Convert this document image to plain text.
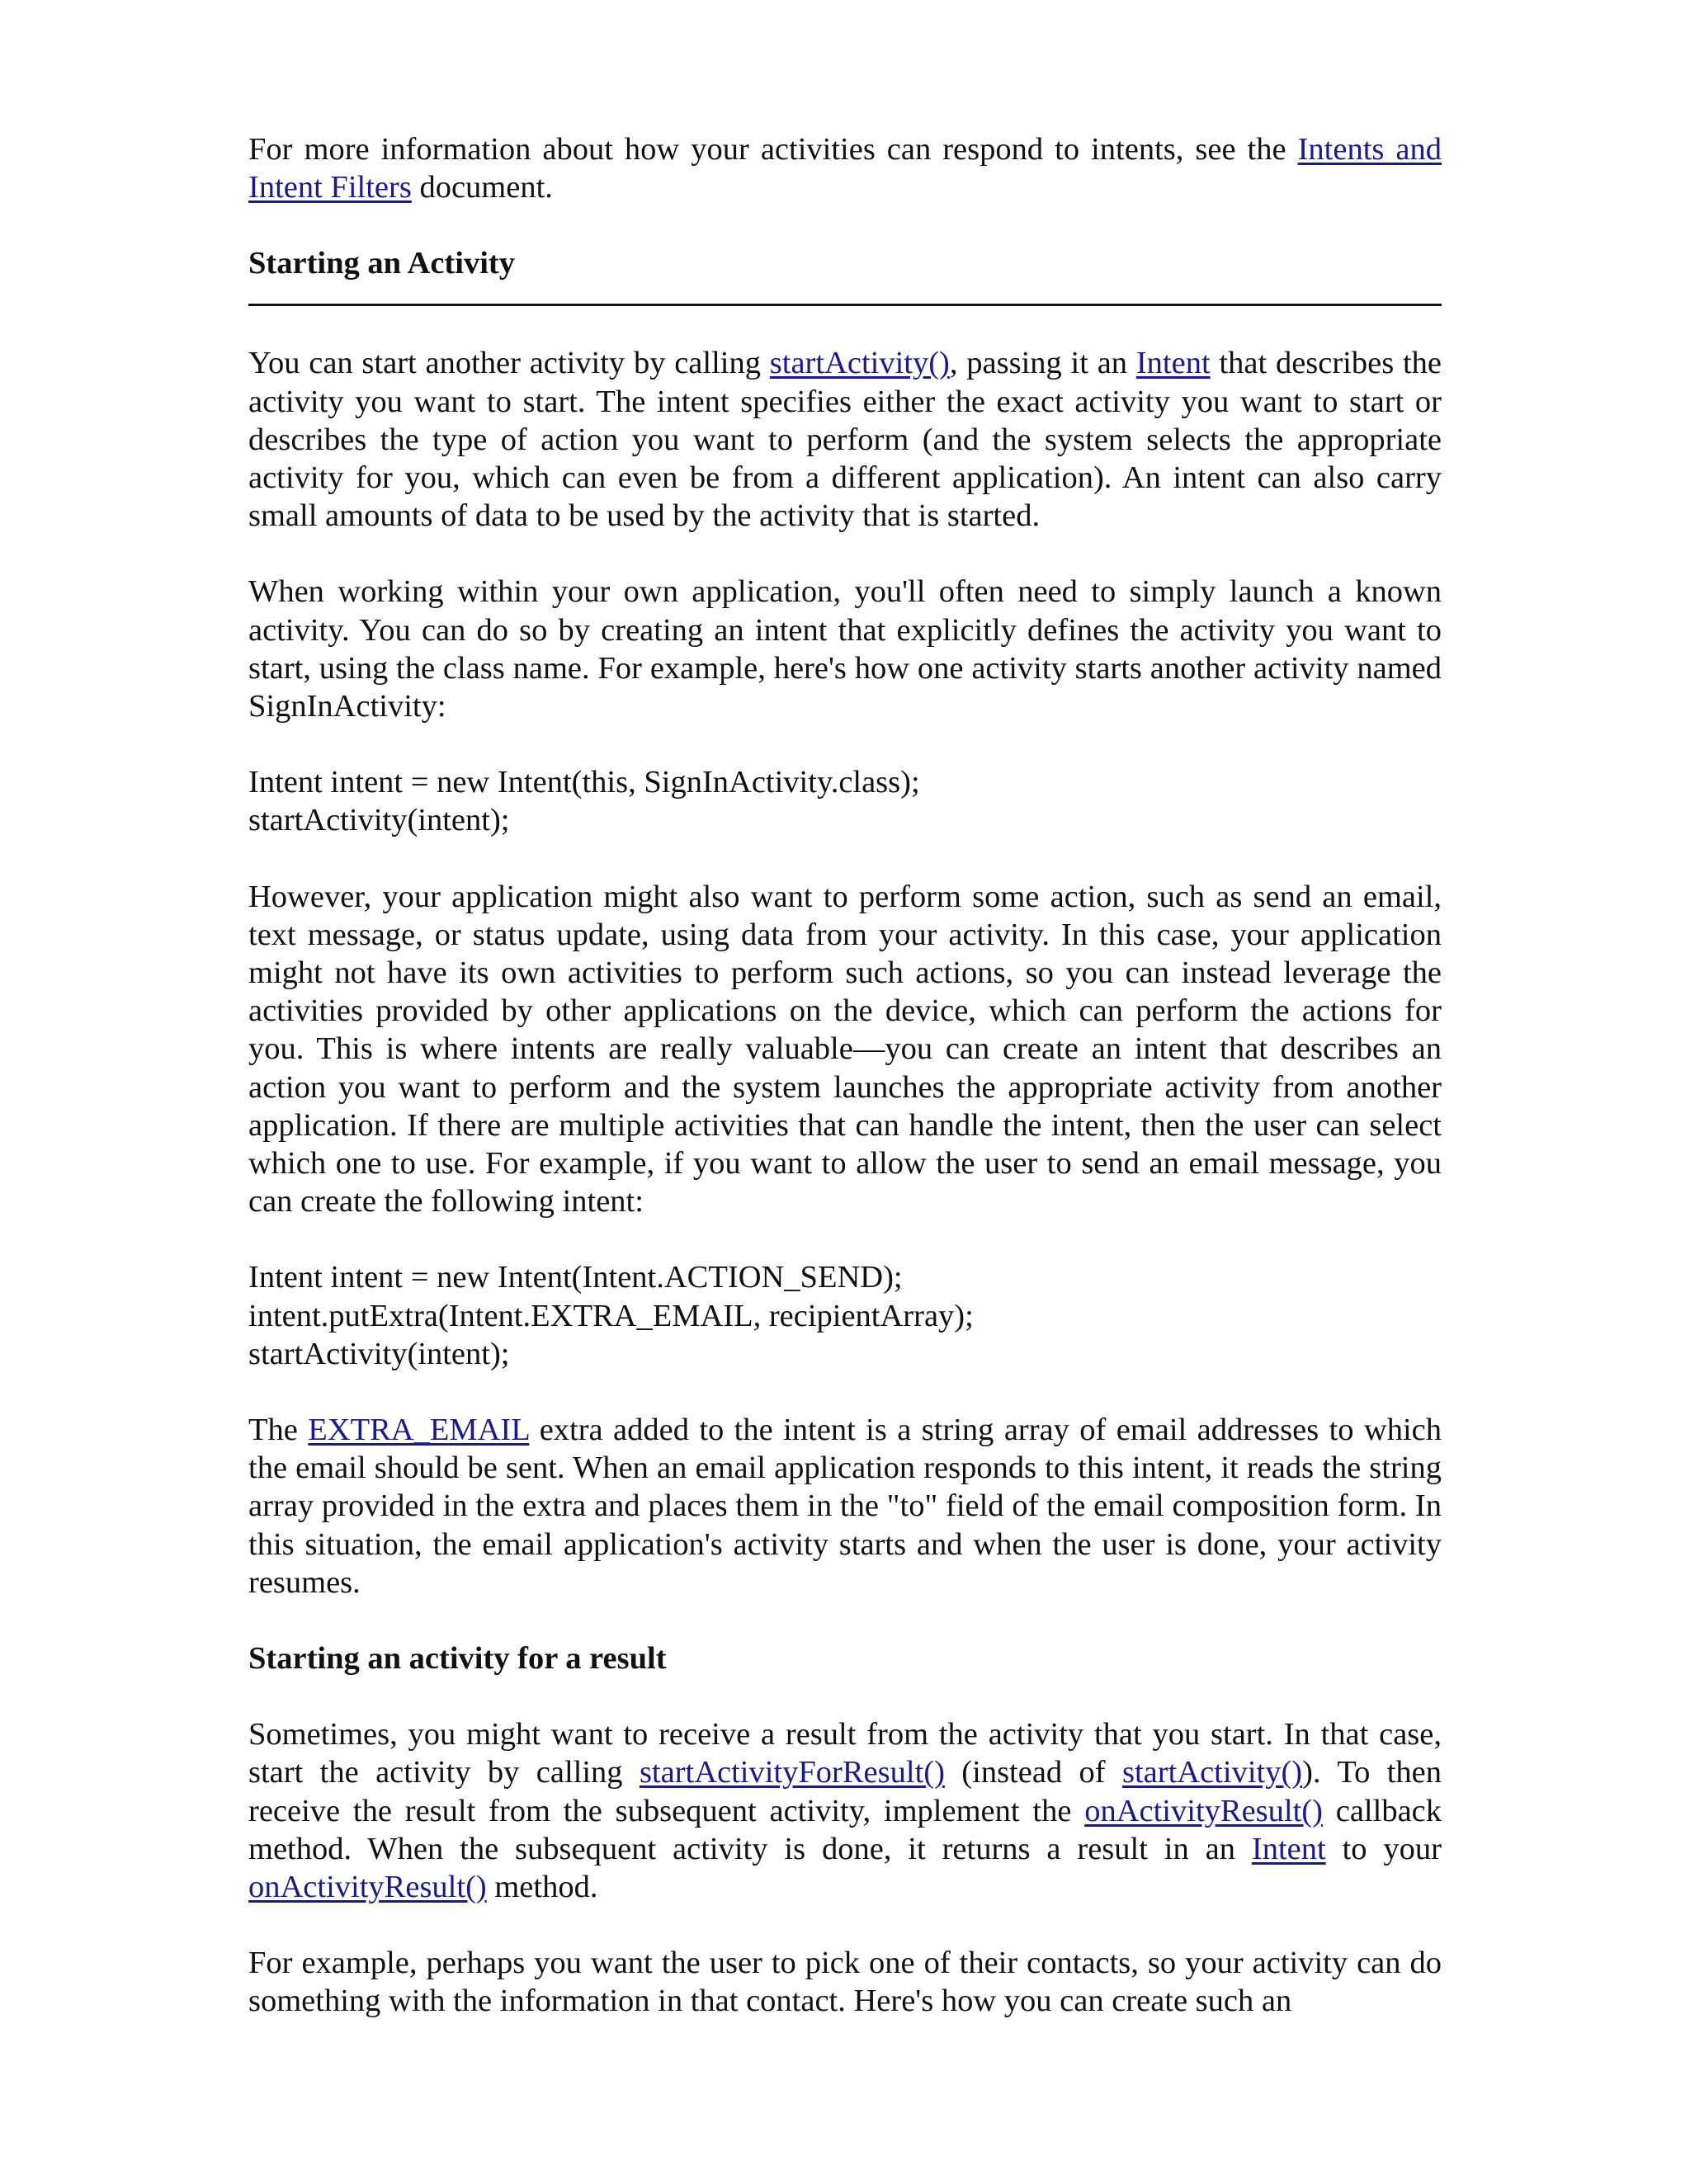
For more information about how your activities can respond to intents, see the Intents and Intent Filters document.

Starting an Activity

You can start another activity by calling startActivity(), passing it an Intent that describes the activity you want to start. The intent specifies either the exact activity you want to start or describes the type of action you want to perform (and the system selects the appropriate activity for you, which can even be from a different application). An intent can also carry small amounts of data to be used by the activity that is started.

When working within your own application, you'll often need to simply launch a known activity. You can do so by creating an intent that explicitly defines the activity you want to start, using the class name. For example, here's how one activity starts another activity named SignInActivity:

Intent intent = new Intent(this, SignInActivity.class);
startActivity(intent);

However, your application might also want to perform some action, such as send an email, text message, or status update, using data from your activity. In this case, your application might not have its own activities to perform such actions, so you can instead leverage the activities provided by other applications on the device, which can perform the actions for you. This is where intents are really valuable—you can create an intent that describes an action you want to perform and the system launches the appropriate activity from another application. If there are multiple activities that can handle the intent, then the user can select which one to use. For example, if you want to allow the user to send an email message, you can create the following intent:

Intent intent = new Intent(Intent.ACTION_SEND);
intent.putExtra(Intent.EXTRA_EMAIL, recipientArray);
startActivity(intent);

The EXTRA_EMAIL extra added to the intent is a string array of email addresses to which the email should be sent. When an email application responds to this intent, it reads the string array provided in the extra and places them in the "to" field of the email composition form. In this situation, the email application's activity starts and when the user is done, your activity resumes.

Starting an activity for a result

Sometimes, you might want to receive a result from the activity that you start. In that case, start the activity by calling startActivityForResult() (instead of startActivity()). To then receive the result from the subsequent activity, implement the onActivityResult() callback method. When the subsequent activity is done, it returns a result in an Intent to your onActivityResult() method.

For example, perhaps you want the user to pick one of their contacts, so your activity can do something with the information in that contact. Here's how you can create such an
